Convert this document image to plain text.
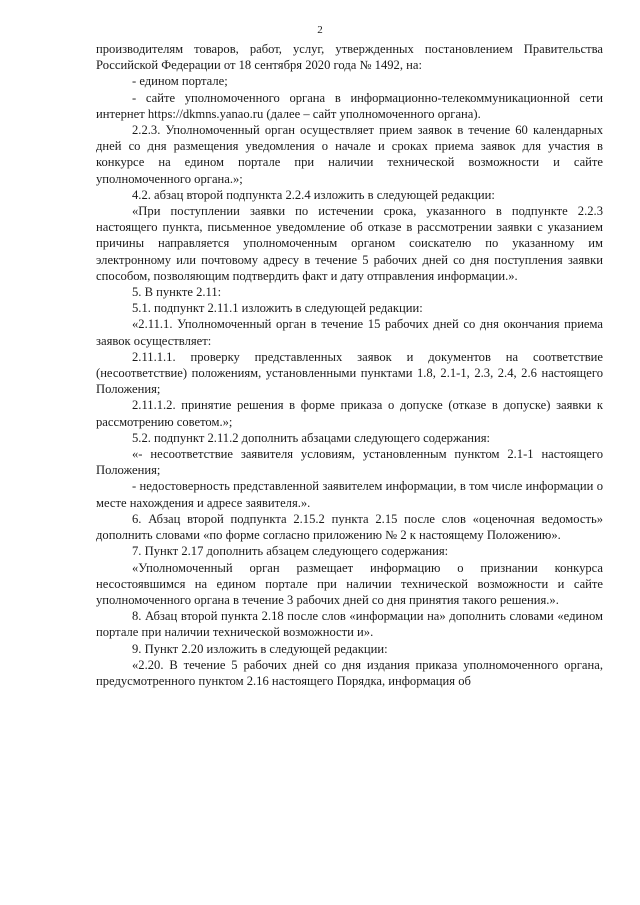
2

производителям товаров, работ, услуг, утвержденных постановлением Правительства Российской Федерации от 18 сентября 2020 года № 1492, на:

- едином портале;

- сайте уполномоченного органа в информационно-телекоммуникационной сети интернет https://dkmns.yanao.ru (далее – сайт уполномоченного органа).

2.2.3. Уполномоченный орган осуществляет прием заявок в течение 60 календарных дней со дня размещения уведомления о начале и сроках приема заявок для участия в конкурсе на едином портале при наличии технической возможности и сайте уполномоченного органа.»;

4.2. абзац второй подпункта 2.2.4 изложить в следующей редакции:

«При поступлении заявки по истечении срока, указанного в подпункте 2.2.3 настоящего пункта, письменное уведомление об отказе в рассмотрении заявки с указанием причины направляется уполномоченным органом соискателю по указанному им электронному или почтовому адресу в течение 5 рабочих дней со дня поступления заявки способом, позволяющим подтвердить факт и дату отправления информации.».

5. В пункте 2.11:

5.1. подпункт 2.11.1 изложить в следующей редакции:

«2.11.1. Уполномоченный орган в течение 15 рабочих дней со дня окончания приема заявок осуществляет:

2.11.1.1. проверку представленных заявок и документов на соответствие (несоответствие) положениям, установленными пунктами 1.8, 2.1-1, 2.3, 2.4, 2.6 настоящего Положения;

2.11.1.2. принятие решения в форме приказа о допуске (отказе в допуске) заявки к рассмотрению советом.»;

5.2. подпункт 2.11.2 дополнить абзацами следующего содержания:

«- несоответствие заявителя условиям, установленным пунктом 2.1-1 настоящего Положения;

- недостоверность представленной заявителем информации, в том числе информации о месте нахождения и адресе заявителя.».

6. Абзац второй подпункта 2.15.2 пункта 2.15 после слов «оценочная ведомость» дополнить словами «по форме согласно приложению № 2 к настоящему Положению».

7. Пункт 2.17 дополнить абзацем следующего содержания:

«Уполномоченный орган размещает информацию о признании конкурса несостоявшимся на едином портале при наличии технической возможности и сайте уполномоченного органа в течение 3 рабочих дней со дня принятия такого решения.».

8. Абзац второй пункта 2.18 после слов «информации на» дополнить словами «едином портале при наличии технической возможности и».

9. Пункт 2.20 изложить в следующей редакции:

«2.20. В течение 5 рабочих дней со дня издания приказа уполномоченного органа, предусмотренного пунктом 2.16 настоящего Порядка, информация об
